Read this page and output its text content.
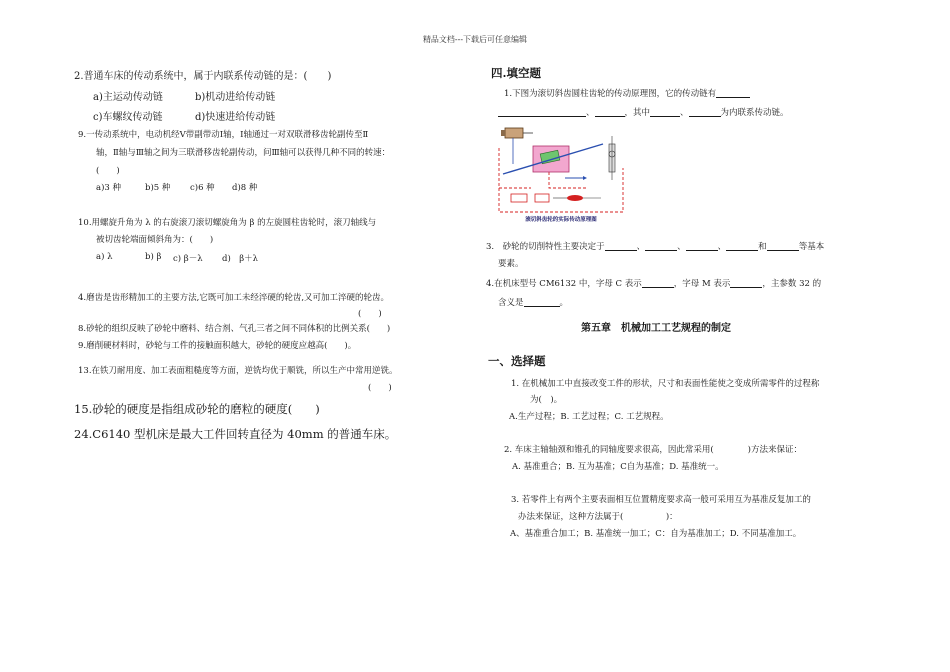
精品文档---下载后可任意编辑
2.普通车床的传动系统中，属于内联系传动链的是：(　　)
a)主运动传动链	b)机动进给传动链
c)车螺纹传动链	d)快速进给传动链
9.一传动系统中，电动机经V带副带动Ⅰ轴，Ⅰ轴通过一对双联滑移齿轮副传至Ⅱ
轴，Ⅱ轴与Ⅲ轴之间为三联滑移齿轮副传动，问Ⅲ轴可以获得几种不同的转速：
(　　)
a)3 种	b)5 种 c)6 种 d)8 种
10.用螺旋升角为 λ 的右旋滚刀滚切螺旋角为 β 的左旋圆柱齿轮时，滚刀轴线与
被切齿轮端面倾斜角为：(　　)
a) λ	b) β c) β－λ d)　β＋λ
4.磨齿是齿形精加工的主要方法,它既可加工未经淬硬的轮齿,又可加工淬硬的轮齿。
(　　)
8.砂轮的组织反映了砂轮中磨料、结合剂、气孔三者之间不同体积的比例关系(　　)
9.磨削硬材料时，砂轮与工件的接触面积越大，砂轮的硬度应越高(　　)。
13.在铁刀耐用度、加工表面粗糙度等方面，逆铣均优于顺铣，所以生产中常用逆铣。
(　　)
15.砂轮的硬度是指组成砂轮的磨粒的硬度(　　)
24.C6140 型机床是最大工件回转直径为 40mm 的普通车床。
四.填空题
1.下图为滚切斜齿圆柱齿轮的传动原理图，它的传动链有
、	，其中	、	为内联系传动链。
滚切斜齿轮的实际传动原理图
3.　砂轮的切削特性主要决定于	、	、	、	和	等基本
要素。
4.在机床型号 CM6132 中，字母 C 表示	，字母 M 表示	，主参数 32 的
含义是	。
第五章　机械加工工艺规程的制定
一、选择题
1. 在机械加工中直接改变工件的形状，尺寸和表面性能使之变成所需零件的过程称
为(　)。
A.生产过程；B. 工艺过程；C. 工艺规程。
2. 车床主轴轴颈和锥孔的同轴度要求很高，因此常采用(　　　　)方法来保证：
A. 基准重合；B. 互为基准；C自为基准；D. 基准统一。
3. 若零件上有两个主要表面相互位置精度要求高一般可采用互为基准反复加工的
办法来保证，这种方法属于(　　　　　)：
A、基准重合加工；B. 基准统一加工；C：自为基准加工；D. 不同基准加工。
